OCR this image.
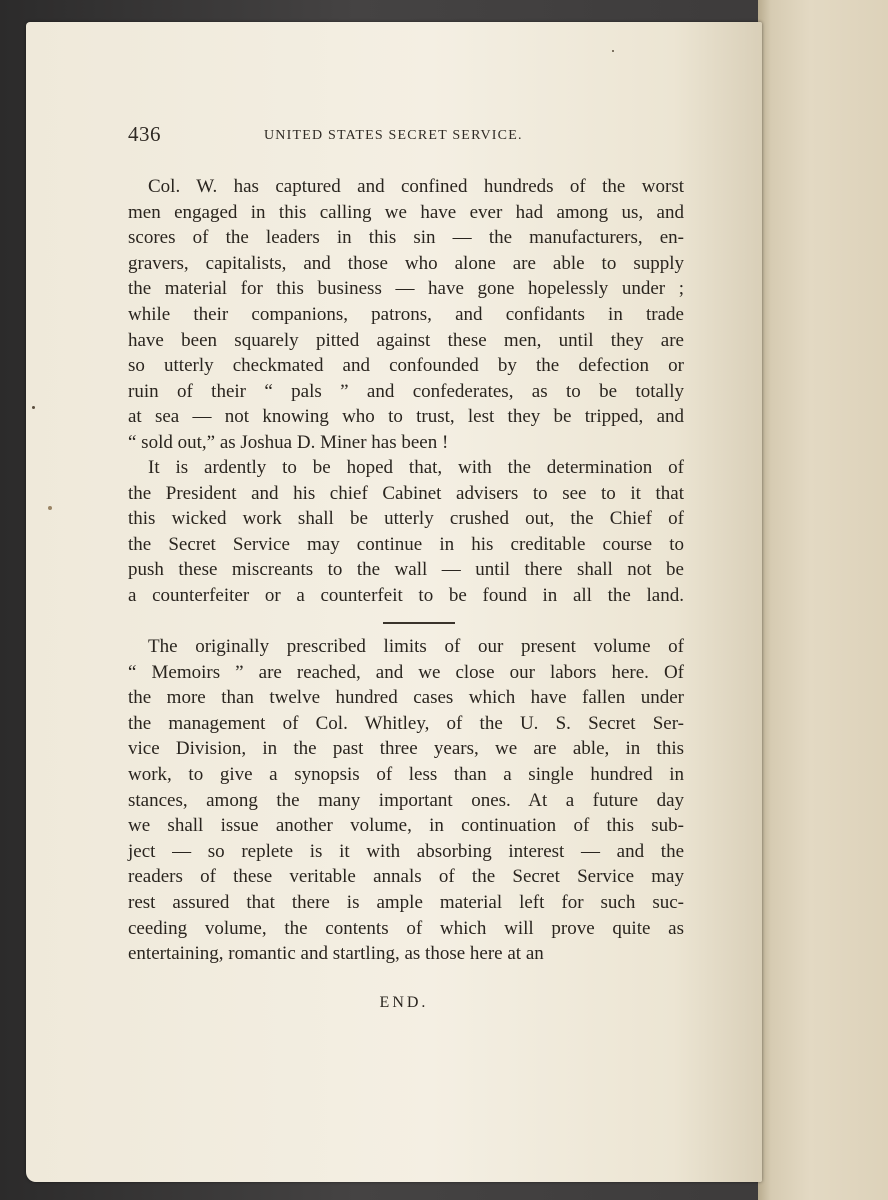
436	UNITED STATES SECRET SERVICE.
Col. W. has captured and confined hundreds of the worst
men engaged in this calling we have ever had among us, and
scores of the leaders in this sin — the manufacturers, en-
gravers, capitalists, and those who alone are able to supply
the material for this business — have gone hopelessly under ;
while their companions, patrons, and confidants in trade
have been squarely pitted against these men, until they are
so utterly checkmated and confounded by the defection or
ruin of their “ pals ” and confederates, as to be totally
at sea — not knowing who to trust, lest they be tripped, and
“ sold out,” as Joshua D. Miner has been !
It is ardently to be hoped that, with the determination of
the President and his chief Cabinet advisers to see to it that
this wicked work shall be utterly crushed out, the Chief of
the Secret Service may continue in his creditable course to
push these miscreants to the wall — until there shall not be
a counterfeiter or a counterfeit to be found in all the land.
The originally prescribed limits of our present volume of
“ Memoirs ” are reached, and we close our labors here. Of
the more than twelve hundred cases which have fallen under
the management of Col. Whitley, of the U. S. Secret Ser-
vice Division, in the past three years, we are able, in this
work, to give a synopsis of less than a single hundred in
stances, among the many important ones. At a future day
we shall issue another volume, in continuation of this sub-
ject — so replete is it with absorbing interest — and the
readers of these veritable annals of the Secret Service may
rest assured that there is ample material left for such suc-
ceeding volume, the contents of which will prove quite as
entertaining, romantic and startling, as those here at an
END.
